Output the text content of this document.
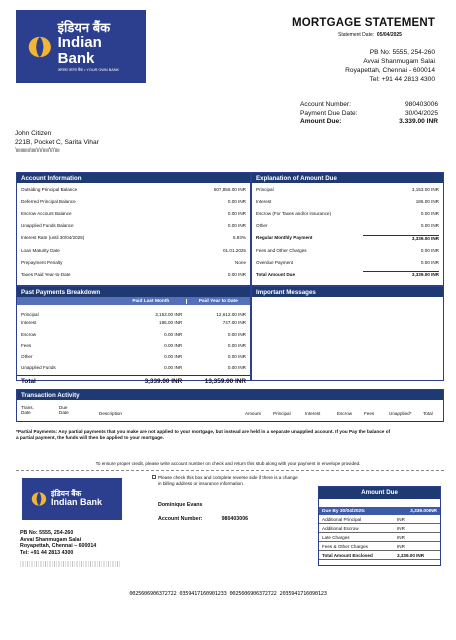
इंडियन बैंक
Indian Bank
आपका अपना बैंक • YOUR OWN BANK
MORTGAGE STATEMENT
Statement Date: 05/04/2025
PB No: 5555, 254-260
Avvai Shanmugam Salai
Royapettah, Chennai - 600014
Tel: +91 44 2813 4300
Account Number:	980403006
Payment Due Date:	30/04/2025
Amount Due:	3.339.00 INR
John Citizen
221B, Pocket C, Sarita Vihar
'ıııııııııııı'ııııı'ıı'ıı'ııııı''ıı'ı'ıııı
Account Information
Outsiding Principal Balance	507,855.00 INR
Deferred Principal Balance	0.00 INR
Escrow Account Balance	0.00 INR
Unapplied Funds Balance	0.00 INR
Interest Rate (until 30/04/2025)	5.93%
Loan Maturity Date	01.01.2025
Prepayment Penalty	None
Taxes Paid Year-to-Date	0.00 INR
Explanation of Amount Due
Principal	3,153.00 INR
Interest	186.00 INR
Escrow (For Taxes and/or insurance)	0.00 INR
Other	0.00 INR
Regular Monthly Payment	3,339.00 INR
Fees and Other Charges	0.00 INR
Overdue Payment	0.00 INR
Total Amount Due	3,339.00 INR
Past Payments Breakdown
Paid Last Month	Paid Year to Date
Principal	3,153.00 INR	12,612.00 INR
Interest	186.00 INR	747.00 INR
Escrow	0.00 INR	0.00 INR
Fees	0.00 INR	0.00 INR
Other	0.00 INR	0.00 INR
Unapplied Funds	0.00 INR	0.00 INR
Total	3,339.00 INR	13,359.00 INR
Important Messages
Transaction Activity
Trans. Date
Due Date	Description	Amount	Principal	Interest	Escrow	Fees	Unapplied*	Total
*Partial Payments: Any partial payments that you make are not applied to your mortgage, but instead are held in a separate unapplied account. If you Pay the balance of a partial payment, the funds will then be applied to your mortgage.
To ensure proper credit, please write account number on check and return this stub along with your payment in envelope provided.
इंडियन बैंक
Indian Bank
PB No: 5555, 254-260
Avvai Shanmugam Salai
Royapettah, Chennai – 600014
Tel: +91 44 2813 4300
Please check this box and complete reverse side if there is a change in billing address or insurance information.
Dominique Evans
Account Number:	980403006
Amount Due
Due By 30/04/2025:	3,339.00INR
Additional Principal	INR
Additional Escrow	INR
Late Charges	INR
Fees & Other Charges	INR
Total Amount Enclosed	3,339.00 INR
0025606906372722 0359417160901233 0025606906372722 2035941716090123
